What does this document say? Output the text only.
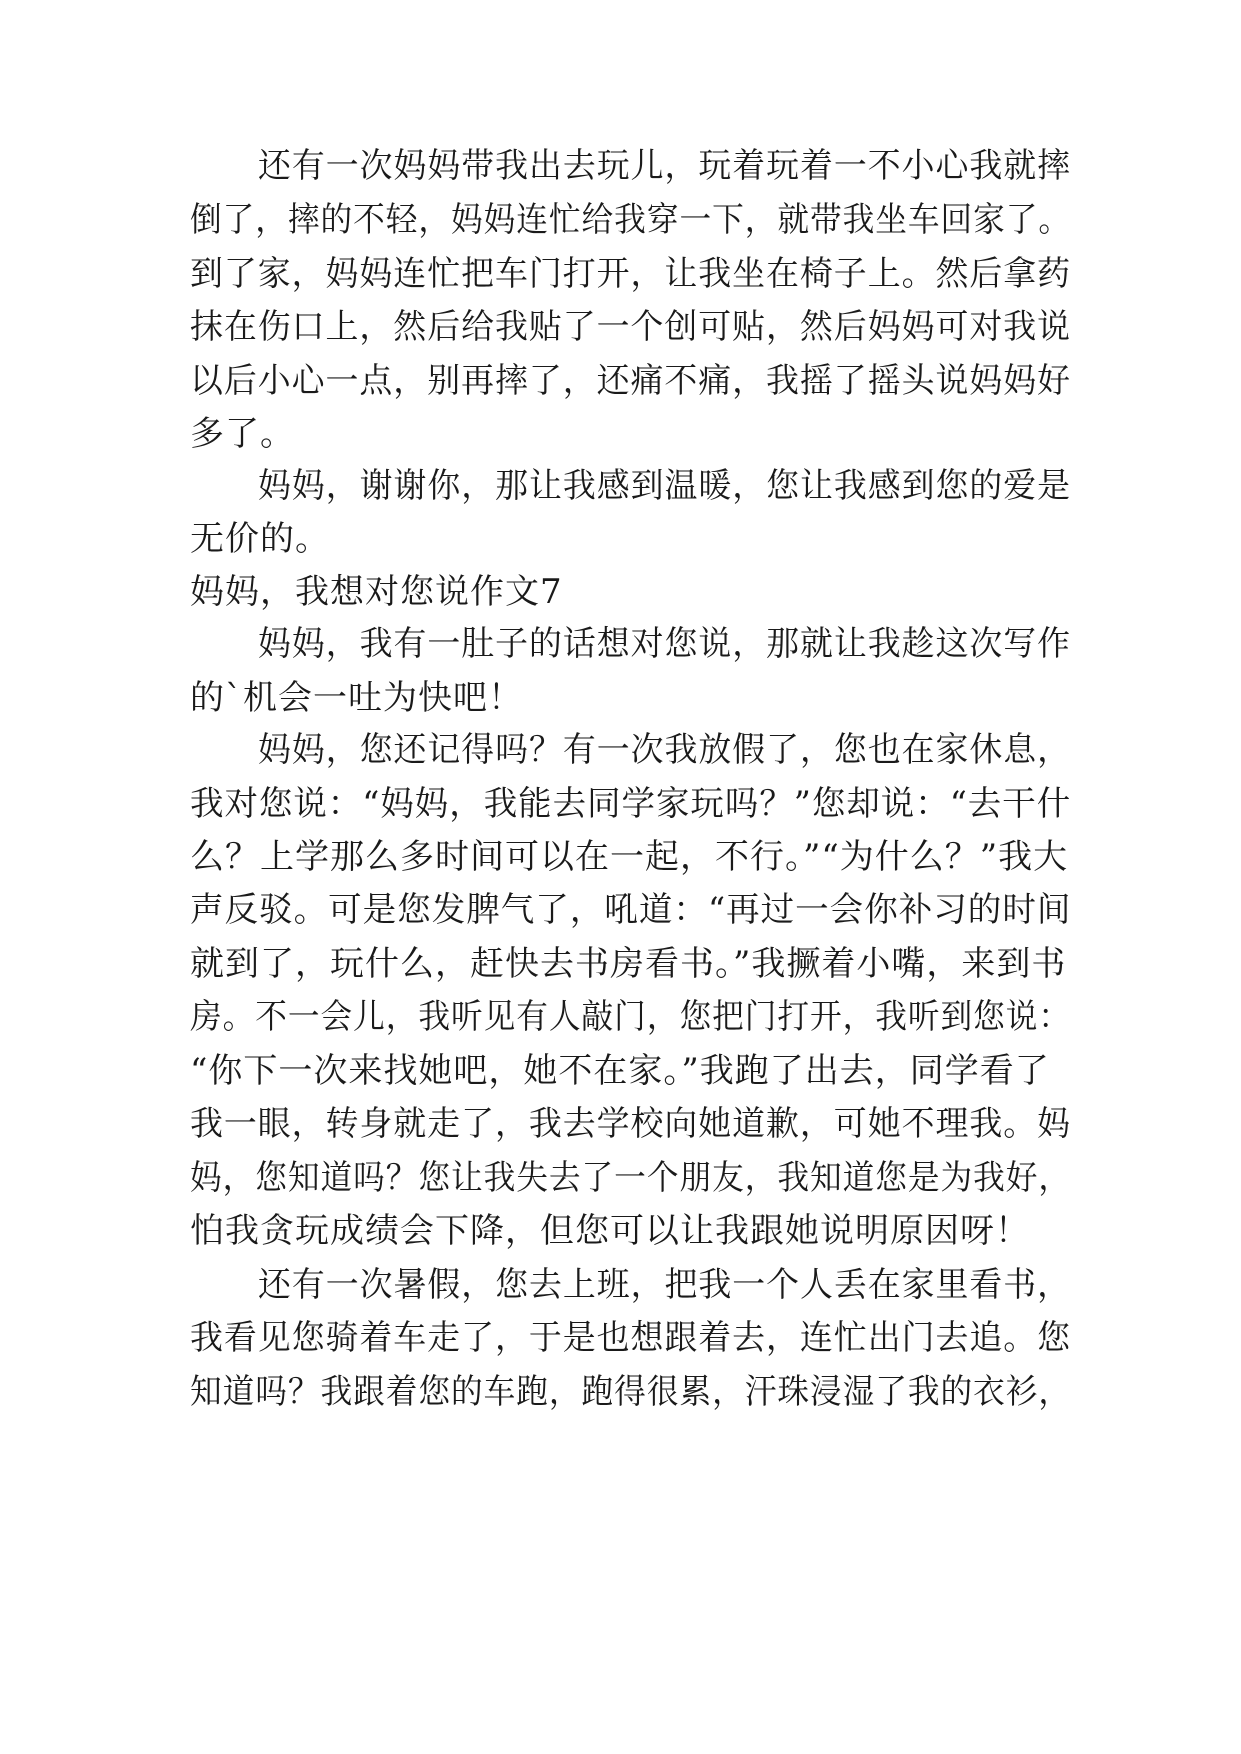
还有一次妈妈带我出去玩儿，玩着玩着一不小心我就摔
倒了，摔的不轻，妈妈连忙给我穿一下，就带我坐车回家了。
到了家，妈妈连忙把车门打开，让我坐在椅子上。然后拿药
抹在伤口上，然后给我贴了一个创可贴，然后妈妈可对我说
以后小心一点，别再摔了，还痛不痛，我摇了摇头说妈妈好
多了。
妈妈，谢谢你，那让我感到温暖，您让我感到您的爱是
无价的。
妈妈，我想对您说作文7
妈妈，我有一肚子的话想对您说，那就让我趁这次写作
的`机会一吐为快吧！
妈妈，您还记得吗？有一次我放假了，您也在家休息，
我对您说：“妈妈，我能去同学家玩吗？”您却说：“去干什
么？上学那么多时间可以在一起，不行。”“为什么？”我大
声反驳。可是您发脾气了，吼道：“再过一会你补习的时间
就到了，玩什么，赶快去书房看书。”我撅着小嘴，来到书
房。不一会儿，我听见有人敲门，您把门打开，我听到您说：
“你下一次来找她吧，她不在家。”我跑了出去，同学看了
我一眼，转身就走了，我去学校向她道歉，可她不理我。妈
妈，您知道吗？您让我失去了一个朋友，我知道您是为我好，
怕我贪玩成绩会下降，但您可以让我跟她说明原因呀！
还有一次暑假，您去上班，把我一个人丢在家里看书，
我看见您骑着车走了，于是也想跟着去，连忙出门去追。您
知道吗？我跟着您的车跑，跑得很累，汗珠浸湿了我的衣衫，
